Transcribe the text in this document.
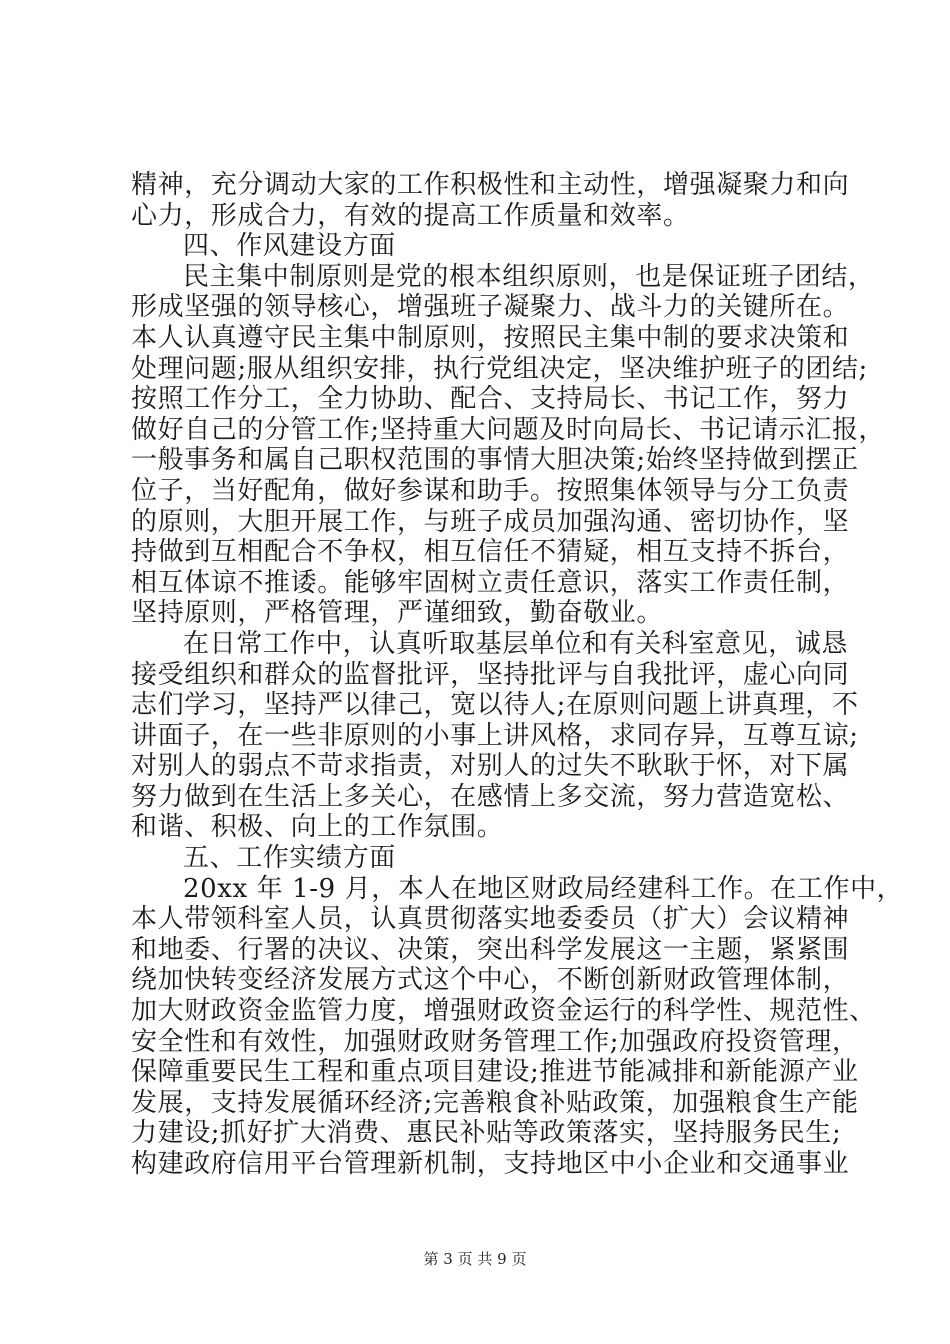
精神，充分调动大家的工作积极性和主动性，增强凝聚力和向
心力，形成合力，有效的提高工作质量和效率。
四、作风建设方面
民主集中制原则是党的根本组织原则，也是保证班子团结，
形成坚强的领导核心，增强班子凝聚力、战斗力的关键所在。
本人认真遵守民主集中制原则，按照民主集中制的要求决策和
处理问题;服从组织安排，执行党组决定，坚决维护班子的团结;
按照工作分工，全力协助、配合、支持局长、书记工作，努力
做好自己的分管工作;坚持重大问题及时向局长、书记请示汇报，
一般事务和属自己职权范围的事情大胆决策;始终坚持做到摆正
位子，当好配角，做好参谋和助手。按照集体领导与分工负责
的原则，大胆开展工作，与班子成员加强沟通、密切协作，坚
持做到互相配合不争权，相互信任不猜疑，相互支持不拆台，
相互体谅不推诿。能够牢固树立责任意识，落实工作责任制，
坚持原则，严格管理，严谨细致，勤奋敬业。
在日常工作中，认真听取基层单位和有关科室意见，诚恳
接受组织和群众的监督批评，坚持批评与自我批评，虚心向同
志们学习，坚持严以律己，宽以待人;在原则问题上讲真理，不
讲面子，在一些非原则的小事上讲风格，求同存异，互尊互谅;
对别人的弱点不苛求指责，对别人的过失不耿耿于怀，对下属
努力做到在生活上多关心，在感情上多交流，努力营造宽松、
和谐、积极、向上的工作氛围。
五、工作实绩方面
20xx 年 1-9 月，本人在地区财政局经建科工作。在工作中，
本人带领科室人员，认真贯彻落实地委委员（扩大）会议精神
和地委、行署的决议、决策，突出科学发展这一主题，紧紧围
绕加快转变经济发展方式这个中心，不断创新财政管理体制，
加大财政资金监管力度，增强财政资金运行的科学性、规范性、
安全性和有效性，加强财政财务管理工作;加强政府投资管理，
保障重要民生工程和重点项目建设;推进节能减排和新能源产业
发展，支持发展循环经济;完善粮食补贴政策，加强粮食生产能
力建设;抓好扩大消费、惠民补贴等政策落实，坚持服务民生;
构建政府信用平台管理新机制，支持地区中小企业和交通事业
第 3 页 共 9 页
